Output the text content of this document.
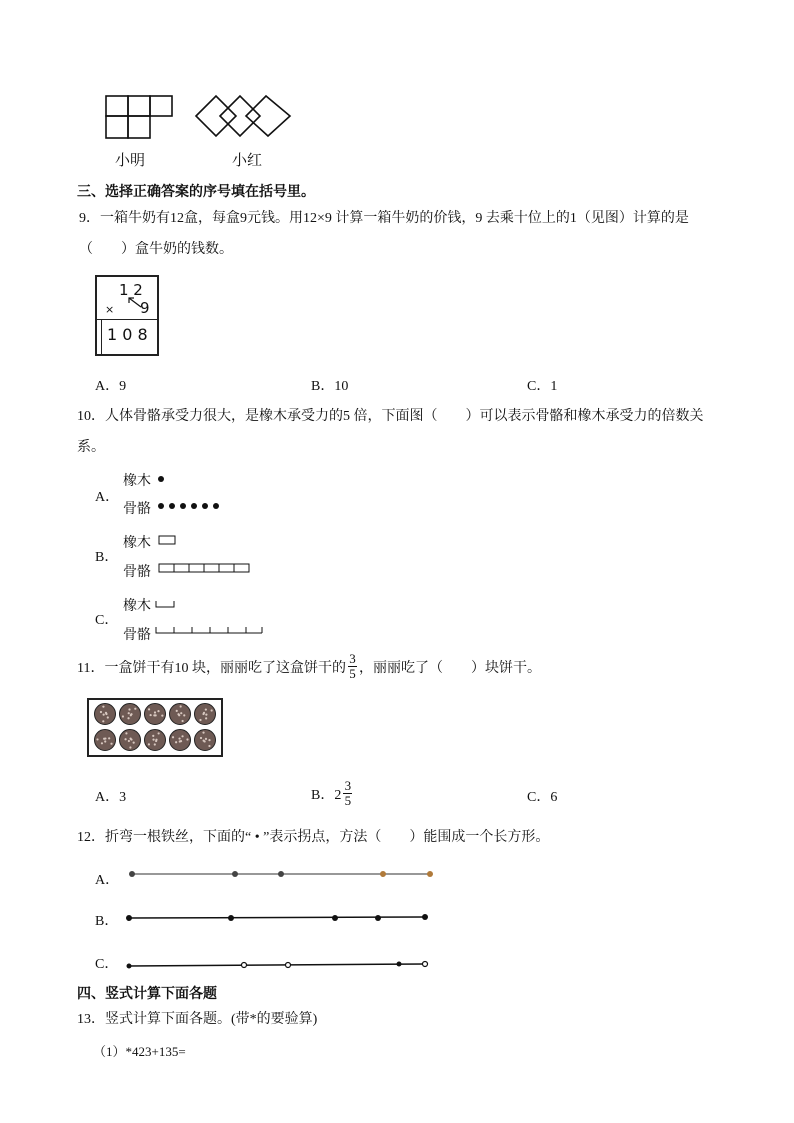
小明	小红
三、选择正确答案的序号填在括号里。
9．一箱牛奶有12盒，每盒9元钱。用12×9 计算一箱牛奶的价钱，9 去乘十位上的1（见图）计算的是
（　　）盒牛奶的钱数。
1 2
× 9
1 0 8
A．9	B．10	C．1
10．人体骨骼承受力很大，是橡木承受力的5 倍，下面图（　　）可以表示骨骼和橡木承受力的倍数关
系。
A．
橡木
骨骼
B．
橡木
骨骼
C．
橡木
骨骼
11．一盒饼干有10 块，丽丽吃了这盒饼干的 $\frac{3}{5}$ ，丽丽吃了（　　）块饼干。
A．3	B．$2 \frac{3}{5}$	C．6
12．折弯一根铁丝，下面的“ • ”表示拐点，方法（　　）能围成一个长方形。
A．
B．
C．
四、竖式计算下面各题
13．竖式计算下面各题。(带*的要验算)
（1）*423+135=
